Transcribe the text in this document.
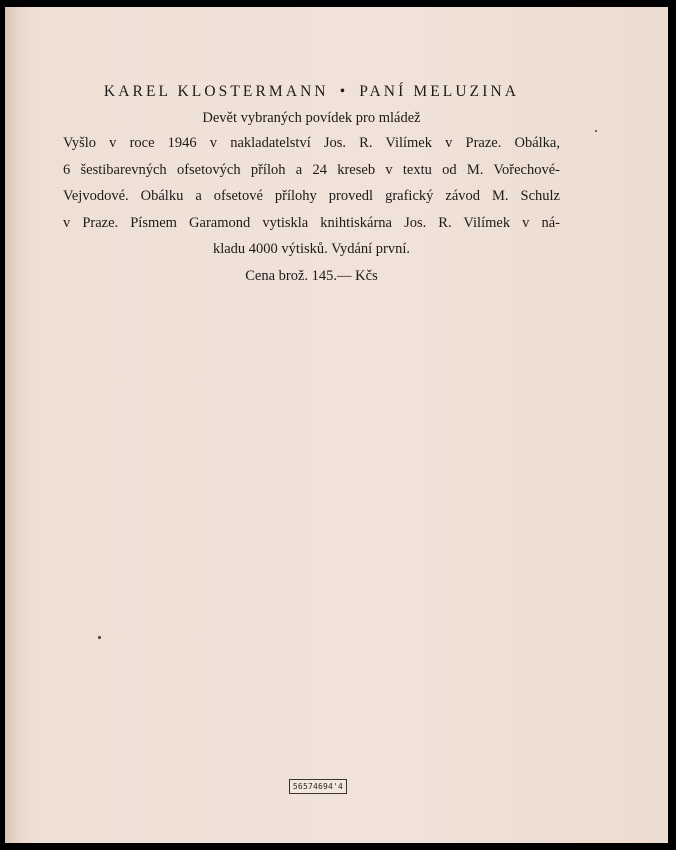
KAREL KLOSTERMANN • PANÍ MELUZINA
Devět vybraných povídek pro mládež
Vyšlo v roce 1946 v nakladatelství Jos. R. Vilímek v Praze. Obálka,
6 šestibarevných ofsetových příloh a 24 kreseb v textu od M. Vořechové-
Vejvodové. Obálku a ofsetové přílohy provedl grafický závod M. Schulz
v Praze. Písmem Garamond vytiskla knihtiskárna Jos. R. Vilímek v ná-
kladu 4000 výtisků. Vydání první.
Cena brož. 145.— Kčs
56574694'4
